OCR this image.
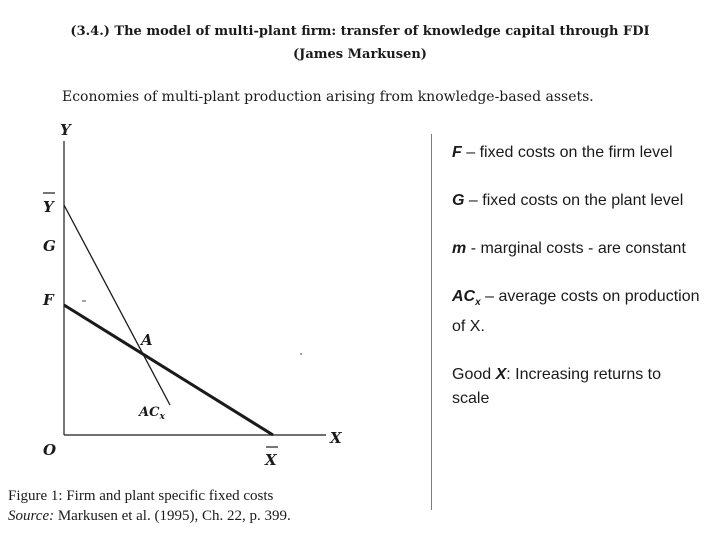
(3.4.) The model of multi-plant firm: transfer of knowledge capital through FDI
(James Markusen)
Economies of multi-plant production arising from knowledge-based assets.
Y
X
O
Y
G
F
A
$AC_x$
X
Figure 1: Firm and plant specific fixed costs
Source: Markusen et al. (1995), Ch. 22, p. 399.
F – fixed costs on the firm level
G – fixed costs on the plant level
m - marginal costs - are constant
$AC_x$ – average costs on production of X.
Good X: Increasing returns to scale
